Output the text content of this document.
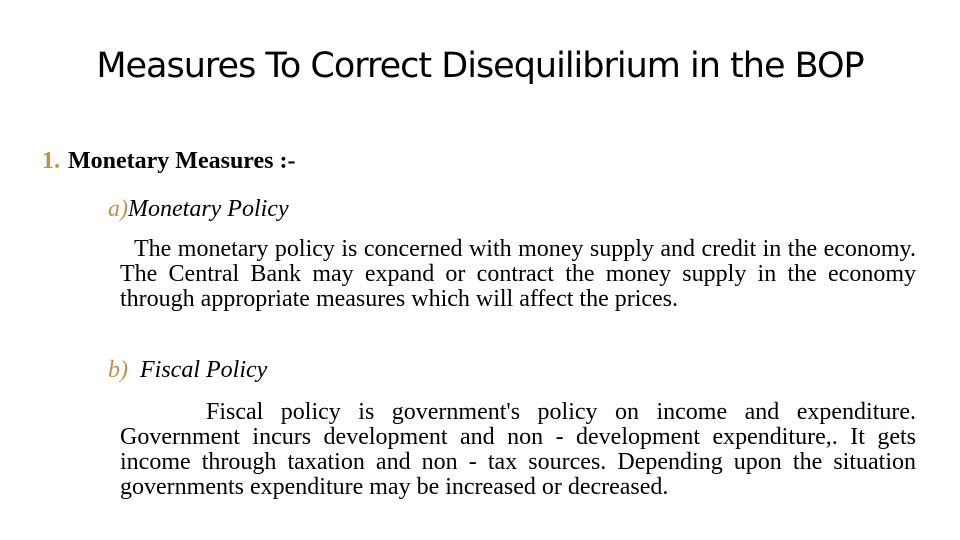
Measures To Correct Disequilibrium in the BOP
1. Monetary Measures :-
a)Monetary Policy

The monetary policy is concerned with money supply and credit in the economy. The Central Bank may expand or contract the money supply in the economy through appropriate measures which will affect the prices.

b) Fiscal Policy

Fiscal policy is government's policy on income and expenditure. Government incurs development and non - development expenditure,. It gets income through taxation and non - tax sources. Depending upon the situation governments expenditure may be increased or decreased.
